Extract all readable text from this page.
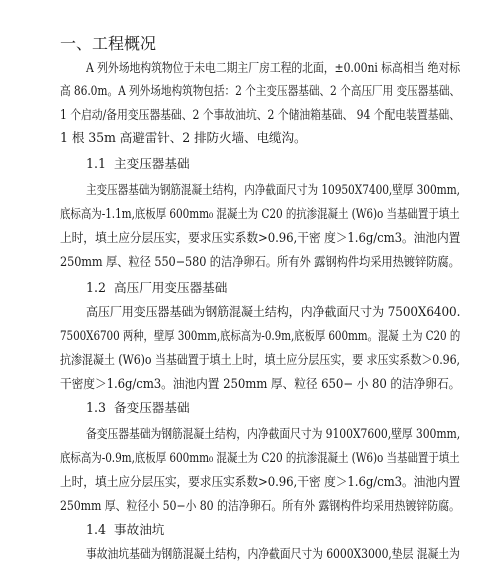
一、工程概况
A 列外场地构筑物位于未电二期主厂房工程的北面，±0.00ni 标高相当 绝对标
高 86.0m。A 列外场地构筑物包括：2 个主变压器基础、2 个高压厂用 变压器基础、
1 个启动/备用变压器基础、2 个事故油坑、2 个储油箱基础、 94 个配电装置基础、
1 根 35m 高避雷针、2 排防火墙、电缆沟。
1.1 主变压器基础
主变压器基础为钢筋混凝土结构，内净截面尺寸为 10950X7400,壁厚 300mm,
底标高为-1.1m,底板厚 600mm₀ 混凝土为 C20 的抗渗混凝土 (W6)o 当基础置于填土
上时，填土应分层压实，要求压实系数>0.96,干密 度＞1.6g/cm3。油池内置
250mm 厚、粒径 550−580 的洁净卵石。所有外 露钢构件均采用热镀锌防腐。
1.2 高压厂用变压器基础
高压厂用变压器基础为钢筋混凝土结构，内净截面尺寸为 7500X6400.
7500X6700 两种，壁厚 300mm,底标高为-0.9m,底板厚 600mm。混凝 土为 C20 的
抗渗混凝土 (W6)o 当基础置于填土上时，填土应分层压实，要 求压实系数＞0.96,
干密度＞1.6g/cm3。油池内置 250mm 厚、粒径 650− 小 80 的洁净卵石。
1.3 备变压器基础
备变压器基础为钢筋混凝土结构，内净截面尺寸为 9100X7600,壁厚 300mm,
底标高为-0.9m,底板厚 600mm₀ 混凝土为 C20 的抗渗混凝土 (W6)o 当基础置于填土
上时，填土应分层压实，要求压实系数>0.96,干密 度＞1.6g/cm3。油池内置
250mm 厚、粒径小 50−小 80 的洁净卵石。所有外 露钢构件均采用热镀锌防腐。
1.4 事故油坑
事故油坑基础为钢筋混凝土结构，内净截面尺寸为 6000X3000,垫层 混凝土为
